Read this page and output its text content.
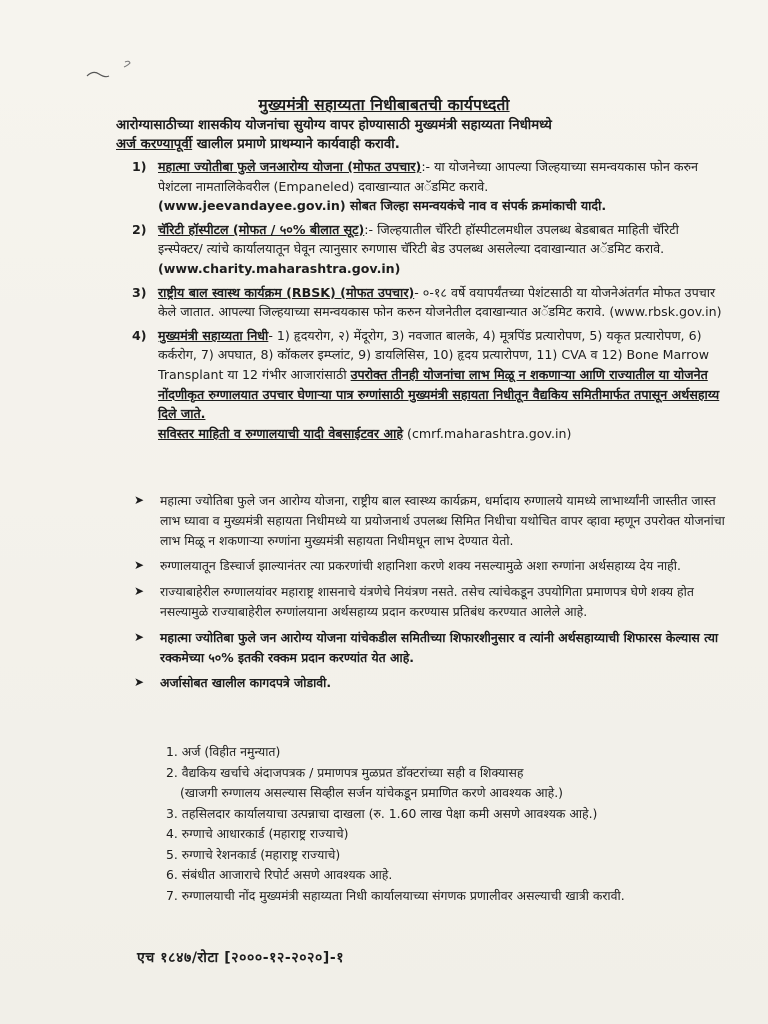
मुख्यमंत्री सहाय्यता निधीबाबतची कार्यपध्दती
आरोग्यासाठीच्या शासकीय योजनांचा सुयोग्य वापर होण्यासाठी मुख्यमंत्री सहाय्यता निधीमध्ये
अर्ज करण्यापूर्वी खालील प्रमाणे प्राथम्याने कार्यवाही करावी.
1) महात्मा ज्योतीबा फुले जनआरोग्य योजना (मोफत उपचार):- या योजनेच्या आपल्या जिल्हयाच्या समन्वयकास फोन करुन पेशंटला नामतालिकेवरील (Empaneled) दवाखान्यात अॅडमिट करावे.
(www.jeevandayee.gov.in) सोबत जिल्हा समन्वयकंचे नाव व संपर्क क्रमांकाची यादी.
2) चॅरिटी हॉस्पीटल (मोफत / ५०% बीलात सूट):- जिल्हयातील चॅरिटी हॉस्पीटलमधील उपलब्ध बेडबाबत माहिती चॅरिटी इन्स्पेक्टर/ त्यांचे कार्यालयातून घेवून त्यानुसार रुगणास चॅरिटी बेड उपलब्ध असलेल्या दवाखान्यात अॅडमिट करावे. (www.charity.maharashtra.gov.in)
3) राष्ट्रीय बाल स्वास्थ कार्यक्रम (RBSK) (मोफत उपचार)- ०-१८ वर्षे वयापर्यंतच्या पेशंटसाठी या योजनेअंतर्गत मोफत उपचार केले जातात. आपल्या जिल्हयाच्या समन्वयकास फोन करुन योजनेतील दवाखान्यात अॅडमिट करावे. (www.rbsk.gov.in)
4) मुख्यमंत्री सहाय्यता निधी- 1) हृदयरोग, २) मेंदूरोग, 3) नवजात बालके, 4) मूत्रपिंड प्रत्यारोपण, 5) यकृत प्रत्यारोपण, 6) कर्करोग, 7) अपघात, 8) कॉकलर इम्प्लांट, 9) डायलिसिस, 10) हृदय प्रत्यारोपण, 11) CVA व 12) Bone Marrow Transplant या 12 गंभीर आजारांसाठी उपरोक्त तीनही योजनांचा लाभ मिळू न शकणाऱ्या आणि राज्यातील या योजनेत नोंदणीकृत रुग्णालयात उपचार घेणाऱ्या पात्र रुग्णांसाठी मुख्यमंत्री सहायता निधीतून वैद्यकिय समितीमार्फत तपासून अर्थसहाय्य दिले जाते.
सविस्तर माहिती व रुग्णालयाची यादी वेबसाईटवर आहे (cmrf.maharashtra.gov.in)
➤ महात्मा ज्योतिबा फुले जन आरोग्य योजना, राष्ट्रीय बाल स्वास्थ्य कार्यक्रम, धर्मादाय रुग्णालये यामध्ये लाभार्थ्यांनी जास्तीत जास्त लाभ घ्यावा व मुख्यमंत्री सहायता निधीमध्ये या प्रयोजनार्थ उपलब्ध सिमित निधीचा यथोचित वापर व्हावा म्हणून उपरोक्त योजनांचा लाभ मिळू न शकणाऱ्या रुग्णांना मुख्यमंत्री सहायता निधीमधून लाभ देण्यात येतो.
➤ रुग्णालयातून डिस्चार्ज झाल्यानंतर त्या प्रकरणांची शहानिशा करणे शक्य नसल्यामुळे अशा रुग्णांना अर्थसहाय्य देय नाही.
➤ राज्याबाहेरील रुग्णालयांवर महाराष्ट्र शासनाचे यंत्रणेचे नियंत्रण नसते. तसेच त्यांचेकडून उपयोगिता प्रमाणपत्र घेणे शक्य होत नसल्यामुळे राज्याबाहेरील रुग्णांलयाना अर्थसहाय्य प्रदान करण्यास प्रतिबंध करण्यात आलेले आहे.
➤ महात्मा ज्योतिबा फुले जन आरोग्य योजना यांचेकडील समितीच्या शिफारशीनुसार व त्यांनी अर्थसहाय्याची शिफारस केल्यास त्या रक्कमेच्या ५०% इतकी रक्कम प्रदान करण्यांत येत आहे.
➤ अर्जासोबत खालील कागदपत्रे जोडावी.
1. अर्ज (विहीत नमुन्यात)
2. वैद्यकिय खर्चाचे अंदाजपत्रक / प्रमाणपत्र मुळप्रत डॉक्टरांच्या सही व शिक्यासह
(खाजगी रुग्णालय असल्यास सिव्हील सर्जन यांचेकडून प्रमाणित करणे आवश्यक आहे.)
3. तहसिलदार कार्यालयाचा उत्पन्नाचा दाखला (रु. 1.60 लाख पेक्षा कमी असणे आवश्यक आहे.)
4. रुग्णाचे आधारकार्ड (महाराष्ट्र राज्याचे)
5. रुग्णाचे रेशनकार्ड (महाराष्ट्र राज्याचे)
6. संबंधीत आजाराचे रिपोर्ट असणे आवश्यक आहे.
7. रुग्णालयाची नोंद मुख्यमंत्री सहाय्यता निधी कार्यालयाच्या संगणक प्रणालीवर असल्याची खात्री करावी.
एच १८४७/रोटा [२०००-१२-२०२०]-१
